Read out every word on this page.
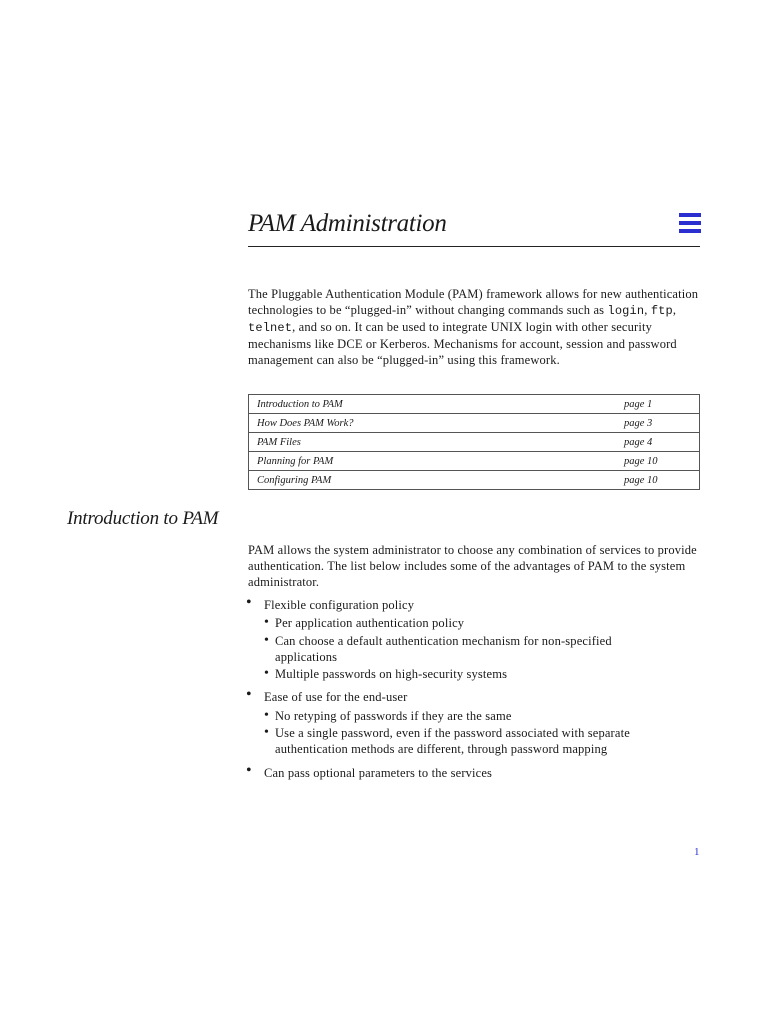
PAM Administration

The Pluggable Authentication Module (PAM) framework allows for new authentication technologies to be “plugged-in” without changing commands such as login, ftp, telnet, and so on. It can be used to integrate UNIX login with other security mechanisms like DCE or Kerberos. Mechanisms for account, session and password management can also be “plugged-in” using this framework.

Introduction to PAM	page 1
How Does PAM Work?	page 3
PAM Files	page 4
Planning for PAM	page 10
Configuring PAM	page 10
Introduction to PAM

PAM allows the system administrator to choose any combination of services to provide authentication. The list below includes some of the advantages of PAM to the system administrator.

• Flexible configuration policy
• Per application authentication policy
• Can choose a default authentication mechanism for non-specified applications
• Multiple passwords on high-security systems
• Ease of use for the end-user
• No retyping of passwords if they are the same
• Use a single password, even if the password associated with separate authentication methods are different, through password mapping
• Can pass optional parameters to the services
1
